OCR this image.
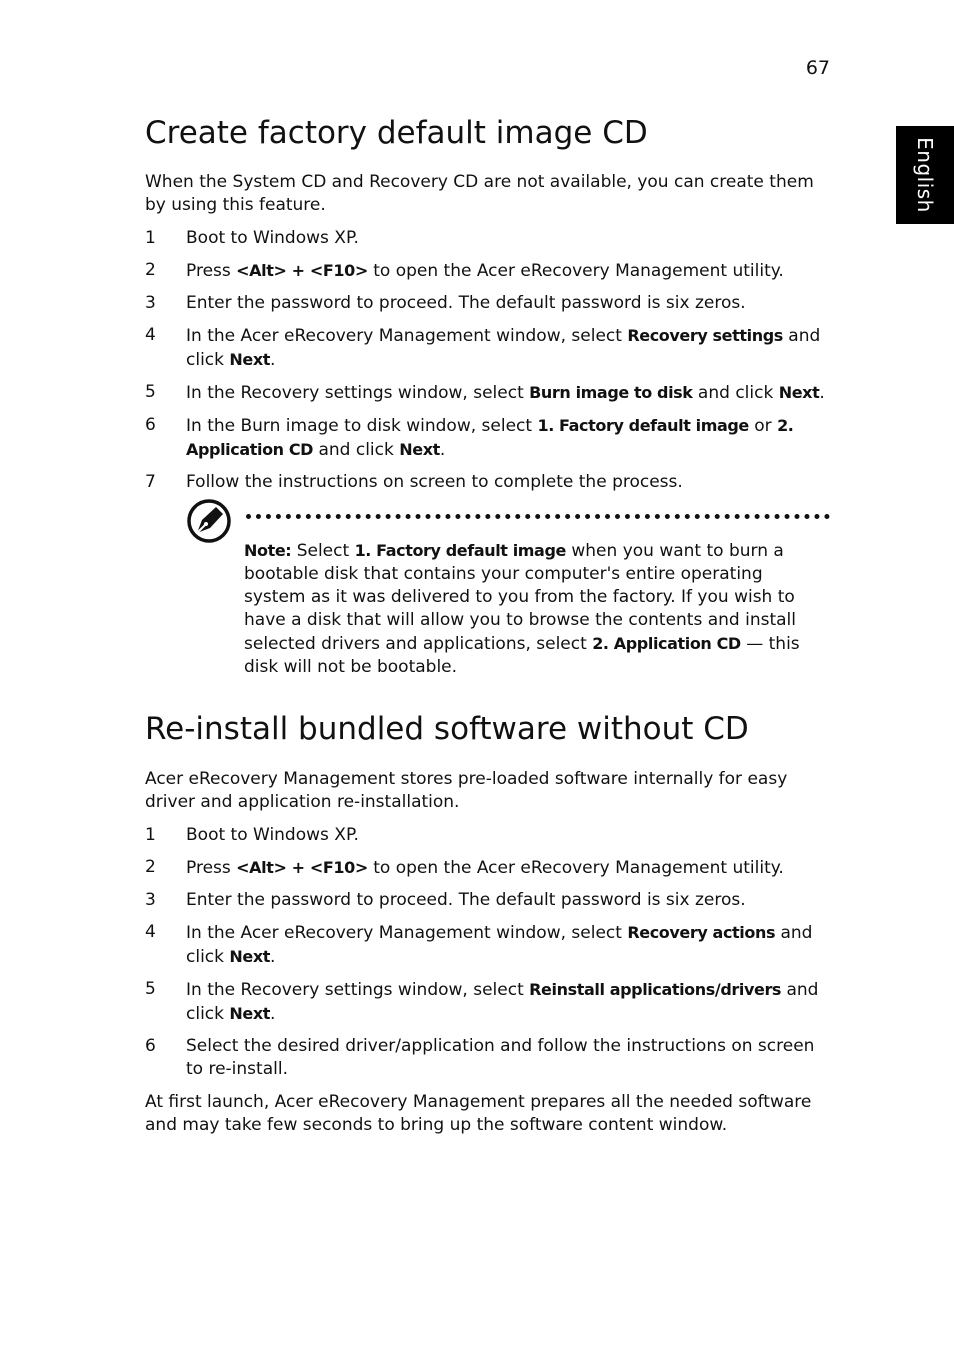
67
English
Create factory default image CD

When the System CD and Recovery CD are not available, you can create them by using this feature.

1 Boot to Windows XP.
2 Press <Alt> + <F10> to open the Acer eRecovery Management utility.
3 Enter the password to proceed. The default password is six zeros.
4 In the Acer eRecovery Management window, select Recovery settings and click Next.
5 In the Recovery settings window, select Burn image to disk and click Next.
6 In the Burn image to disk window, select 1. Factory default image or 2. Application CD and click Next.
7 Follow the instructions on screen to complete the process.

Note: Select 1. Factory default image when you want to burn a bootable disk that contains your computer's entire operating system as it was delivered to you from the factory. If you wish to have a disk that will allow you to browse the contents and install selected drivers and applications, select 2. Application CD — this disk will not be bootable.

Re-install bundled software without CD

Acer eRecovery Management stores pre-loaded software internally for easy driver and application re-installation.

1 Boot to Windows XP.
2 Press <Alt> + <F10> to open the Acer eRecovery Management utility.
3 Enter the password to proceed. The default password is six zeros.
4 In the Acer eRecovery Management window, select Recovery actions and click Next.
5 In the Recovery settings window, select Reinstall applications/drivers and click Next.
6 Select the desired driver/application and follow the instructions on screen to re-install.

At first launch, Acer eRecovery Management prepares all the needed software and may take few seconds to bring up the software content window.
